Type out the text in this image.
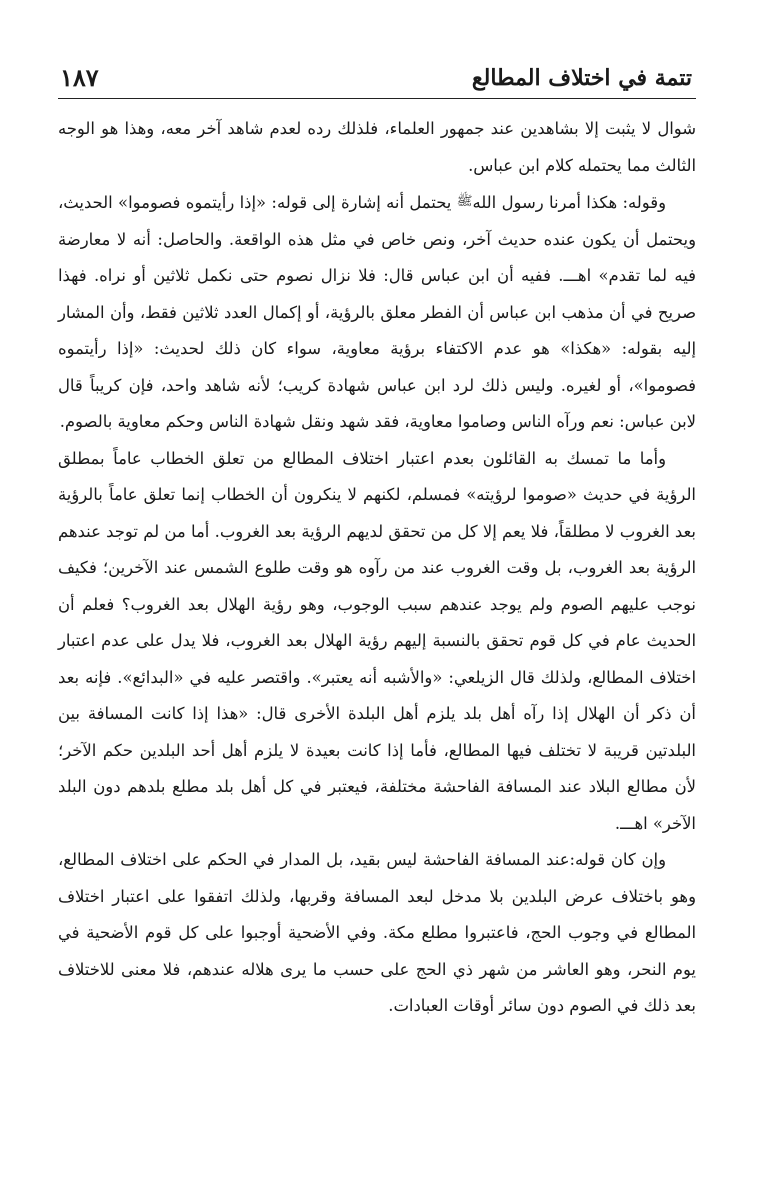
تتمة في اختلاف المطالع
١٨٧

شوال لا يثبت إلا بشاهدين عند جمهور العلماء، فلذلك رده لعدم شاهد آخر معه، وهذا هو الوجه الثالث مما يحتمله كلام ابن عباس.

وقوله: هكذا أمرنا رسول اللهﷺ يحتمل أنه إشارة إلى قوله: «إذا رأيتموه فصوموا» الحديث، ويحتمل أن يكون عنده حديث آخر، ونص خاص في مثل هذه الواقعة. والحاصل: أنه لا معارضة فيه لما تقدم» اهـــ. ففيه أن ابن عباس قال: فلا نزال نصوم حتى نكمل ثلاثين أو نراه. فهذا صريح في أن مذهب ابن عباس أن الفطر معلق بالرؤية، أو إكمال العدد ثلاثين فقط، وأن المشار إليه بقوله: «هكذا» هو عدم الاكتفاء برؤية معاوية، سواء كان ذلك لحديث: «إذا رأيتموه فصوموا»، أو لغيره. وليس ذلك لرد ابن عباس شهادة كريب؛ لأنه شاهد واحد، فإن كريباً قال لابن عباس: نعم ورآه الناس وصاموا معاوية، فقد شهد ونقل شهادة الناس وحكم معاوية بالصوم.

وأما ما تمسك به القائلون بعدم اعتبار اختلاف المطالع من تعلق الخطاب عاماً بمطلق الرؤية في حديث «صوموا لرؤيته» فمسلم، لكنهم لا ينكرون أن الخطاب إنما تعلق عاماً بالرؤية بعد الغروب لا مطلقاً، فلا يعم إلا كل من تحقق لديهم الرؤية بعد الغروب. أما من لم توجد عندهم الرؤية بعد الغروب، بل وقت الغروب عند من رآوه هو وقت طلوع الشمس عند الآخرين؛ فكيف نوجب عليهم الصوم ولم يوجد عندهم سبب الوجوب، وهو رؤية الهلال بعد الغروب؟ فعلم أن الحديث عام في كل قوم تحقق بالنسبة إليهم رؤية الهلال بعد الغروب، فلا يدل على عدم اعتبار اختلاف المطالع، ولذلك قال الزيلعي: «والأشبه أنه يعتبر». واقتصر عليه في «البدائع». فإنه بعد أن ذكر أن الهلال إذا رآه أهل بلد يلزم أهل البلدة الأخرى قال: «هذا إذا كانت المسافة بين البلدتين قريبة لا تختلف فيها المطالع، فأما إذا كانت بعيدة لا يلزم أهل أحد البلدين حكم الآخر؛ لأن مطالع البلاد عند المسافة الفاحشة مختلفة، فيعتبر في كل أهل بلد مطلع بلدهم دون البلد الآخر» اهـــ.

وإن كان قوله:عند المسافة الفاحشة ليس بقيد، بل المدار في الحكم على اختلاف المطالع، وهو باختلاف عرض البلدين بلا مدخل لبعد المسافة وقربها، ولذلك اتفقوا على اعتبار اختلاف المطالع في وجوب الحج، فاعتبروا مطلع مكة. وفي الأضحية أوجبوا على كل قوم الأضحية في يوم النحر، وهو العاشر من شهر ذي الحج على حسب ما يرى هلاله عندهم، فلا معنى للاختلاف بعد ذلك في الصوم دون سائر أوقات العبادات.
